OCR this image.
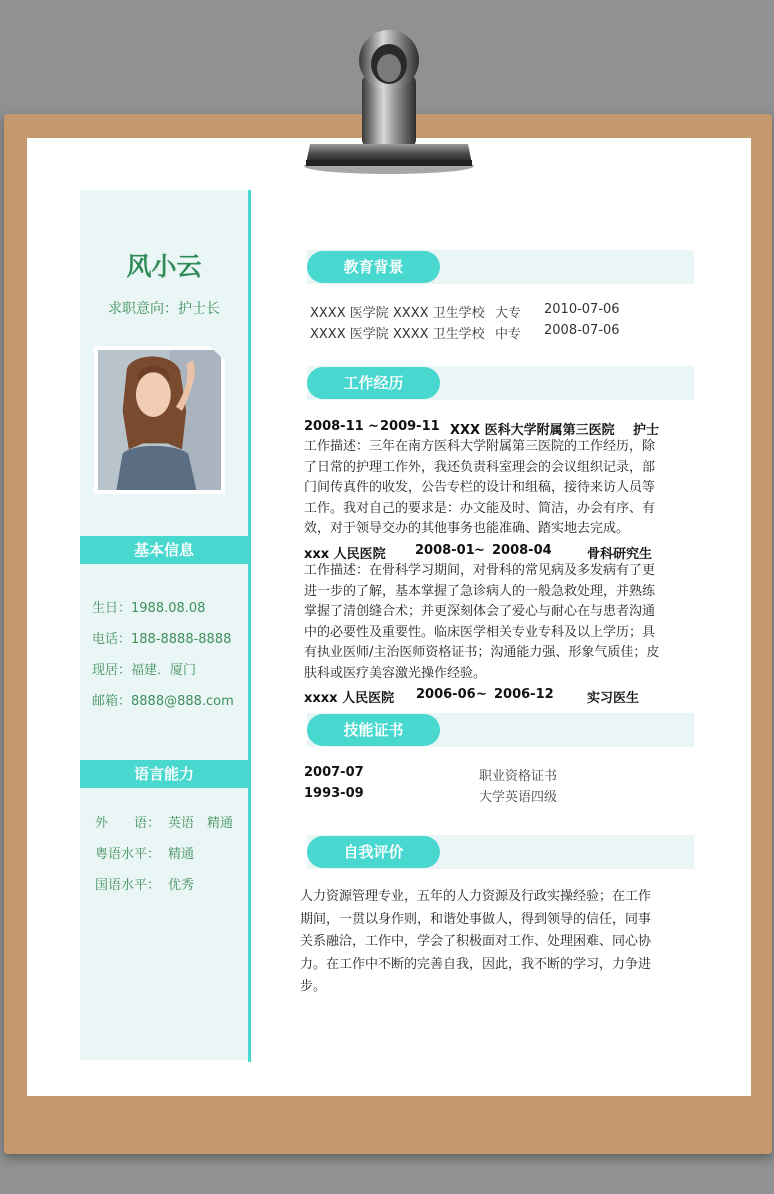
风小云
求职意向：护士长
基本信息
生日：1988.08.08
电话：188-8888-8888
现居：福建．厦门
邮箱：8888@888.com
语言能力
外　　语： 英语　精通
粤语水平： 精通
国语水平： 优秀
教育背景
XXXX 医学院 XXXX 卫生学校 大专 2010-07-06
XXXX 医学院 XXXX 卫生学校 中专 2008-07-06
工作经历
2008-11 ~ 2009-11 XXX 医科大学附属第三医院 护士
工作描述：三年在南方医科大学附属第三医院的工作经历，除了日常的护理工作外，我还负责科室理会的会议组织记录，部门间传真件的收发，公告专栏的设计和组稿，接待来访人员等工作。我对自己的要求是：办文能及时、简洁，办会有序、有效，对于领导交办的其他事务也能准确、踏实地去完成。
xxx 人民医院 2008-01 ~ 2008-04	骨科研究生
工作描述：在骨科学习期间，对骨科的常见病及多发病有了更进一步的了解，基本掌握了急诊病人的一般急救处理，并熟练掌握了清创缝合术；并更深刻体会了爱心与耐心在与患者沟通中的必要性及重要性。临床医学相关专业专科及以上学历；具有执业医师/主治医师资格证书；沟通能力强、形象气质佳；皮肤科或医疗美容激光操作经验。
xxxx 人民医院 2006-06 ~ 2006-12	实习医生
技能证书
2007-07	职业资格证书
1993-09	大学英语四级
自我评价
人力资源管理专业，五年的人力资源及行政实操经验；在工作期间，一贯以身作则，和谐处事做人，得到领导的信任，同事关系融洽，工作中，学会了积极面对工作、处理困难、同心协力。在工作中不断的完善自我，因此，我不断的学习，力争进步。
